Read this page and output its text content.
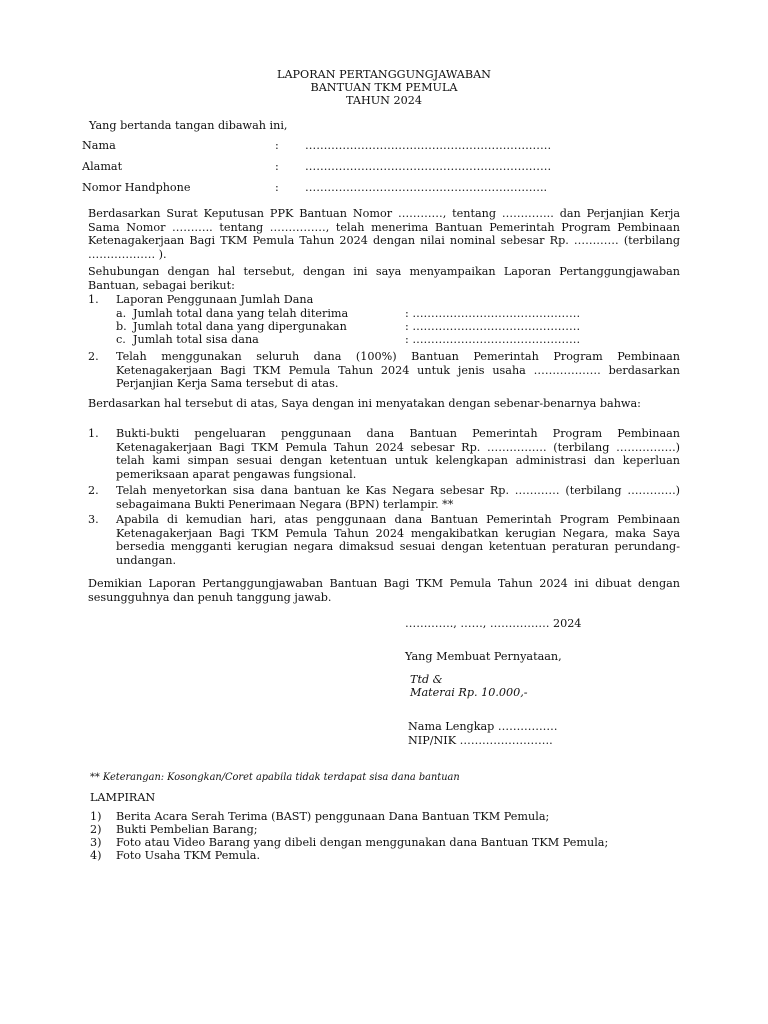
LAPORAN PERTANGGUNGJAWABAN
BANTUAN TKM PEMULA
TAHUN 2024
Yang bertanda tangan dibawah ini,
Nama	: …………………………………………………………
Alamat	: …………………………………………………………
Nomor Handphone	: ………………………………………………………..
Berdasarkan Surat Keputusan PPK Bantuan Nomor …………, tentang ………….. dan Perjanjian Kerja Sama Nomor ……….. tentang ……………, telah menerima Bantuan Pemerintah Program Pembinaan Ketenagakerjaan Bagi TKM Pemula Tahun 2024 dengan nilai nominal sebesar Rp. ………… (terbilang ……………… ).
Sehubungan dengan hal tersebut, dengan ini saya menyampaikan Laporan Pertanggungjawaban Bantuan, sebagai berikut:
1. Laporan Penggunaan Jumlah Dana
a. Jumlah total dana yang telah diterima	: ………………………………………
b. Jumlah total dana yang dipergunakan	: ………………………………………
c. Jumlah total sisa dana	: ………………………………………
2. Telah menggunakan seluruh dana (100%) Bantuan Pemerintah Program Pembinaan Ketenagakerjaan Bagi TKM Pemula Tahun 2024 untuk jenis usaha ……………… berdasarkan Perjanjian Kerja Sama tersebut di atas.
Berdasarkan hal tersebut di atas, Saya dengan ini menyatakan dengan sebenar-benarnya bahwa:
1. Bukti-bukti pengeluaran penggunaan dana Bantuan Pemerintah Program Pembinaan Ketenagakerjaan Bagi TKM Pemula Tahun 2024 sebesar Rp. ……………. (terbilang …………….) telah kami simpan sesuai dengan ketentuan untuk kelengkapan administrasi dan keperluan pemeriksaan aparat pengawas fungsional.
2. Telah menyetorkan sisa dana bantuan ke Kas Negara sebesar Rp. ………… (terbilang ………….) sebagaimana Bukti Penerimaan Negara (BPN) terlampir. **
3. Apabila di kemudian hari, atas penggunaan dana Bantuan Pemerintah Program Pembinaan Ketenagakerjaan Bagi TKM Pemula Tahun 2024 mengakibatkan kerugian Negara, maka Saya bersedia mengganti kerugian negara dimaksud sesuai dengan ketentuan peraturan perundang-undangan.
Demikian Laporan Pertanggungjawaban Bantuan Bagi TKM Pemula Tahun 2024 ini dibuat dengan sesungguhnya dan penuh tanggung jawab.
…………., ……, ……………. 2024
Yang Membuat Pernyataan,
Ttd &
Materai Rp. 10.000,-
Nama Lengkap …………….
NIP/NIK …………………….
** Keterangan: Kosongkan/Coret apabila tidak terdapat sisa dana bantuan
LAMPIRAN
1) Berita Acara Serah Terima (BAST) penggunaan Dana Bantuan TKM Pemula;
2) Bukti Pembelian Barang;
3) Foto atau Video Barang yang dibeli dengan menggunakan dana Bantuan TKM Pemula;
4) Foto Usaha TKM Pemula.
